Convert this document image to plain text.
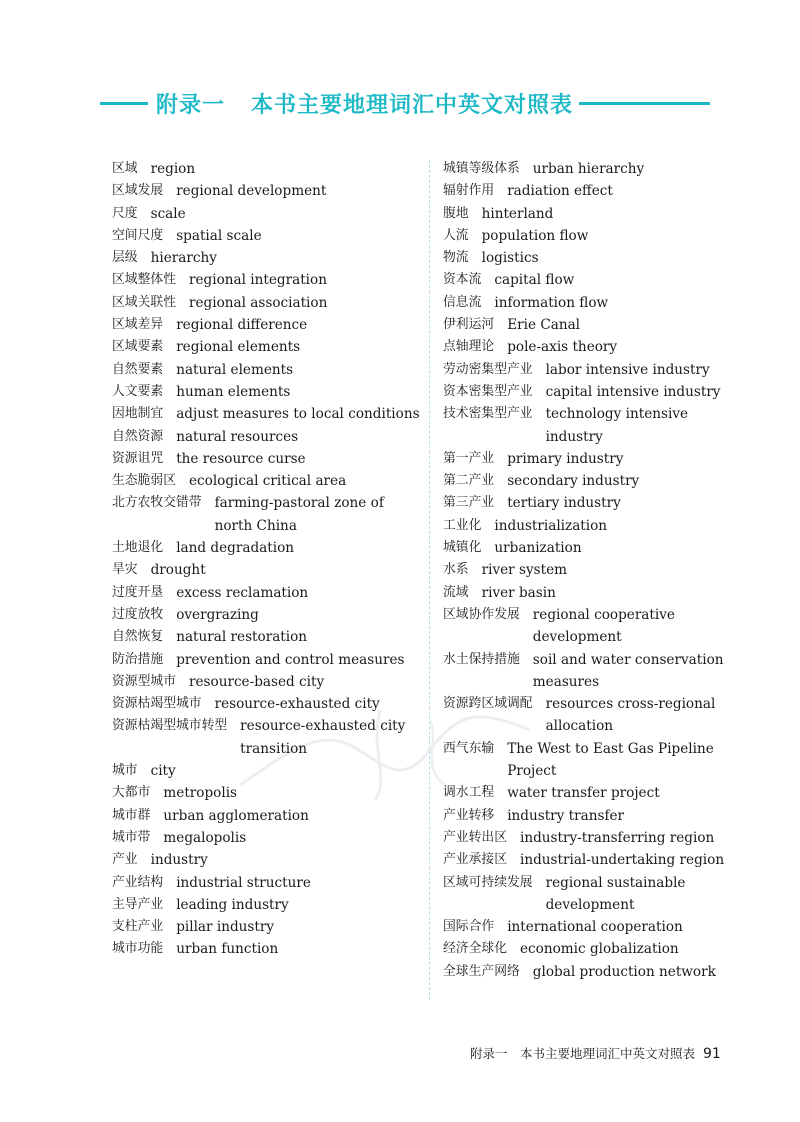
附录一 本书主要地理词汇中英文对照表
区域 region
区域发展 regional development
尺度 scale
空间尺度 spatial scale
层级 hierarchy
区域整体性 regional integration
区域关联性 regional association
区域差异 regional difference
区域要素 regional elements
自然要素 natural elements
人文要素 human elements
因地制宜 adjust measures to local conditions
自然资源 natural resources
资源诅咒 the resource curse
生态脆弱区 ecological critical area
北方农牧交错带 farming-pastoral zone of north China
土地退化 land degradation
旱灾 drought
过度开垦 excess reclamation
过度放牧 overgrazing
自然恢复 natural restoration
防治措施 prevention and control measures
资源型城市 resource-based city
资源枯竭型城市 resource-exhausted city
资源枯竭型城市转型 resource-exhausted city transition
城市 city
大都市 metropolis
城市群 urban agglomeration
城市带 megalopolis
产业 industry
产业结构 industrial structure
主导产业 leading industry
支柱产业 pillar industry
城市功能 urban function
城镇等级体系 urban hierarchy
辐射作用 radiation effect
腹地 hinterland
人流 population flow
物流 logistics
资本流 capital flow
信息流 information flow
伊利运河 Erie Canal
点轴理论 pole-axis theory
劳动密集型产业 labor intensive industry
资本密集型产业 capital intensive industry
技术密集型产业 technology intensive industry
第一产业 primary industry
第二产业 secondary industry
第三产业 tertiary industry
工业化 industrialization
城镇化 urbanization
水系 river system
流域 river basin
区域协作发展 regional cooperative development
水土保持措施 soil and water conservation measures
资源跨区域调配 resources cross-regional allocation
西气东输 The West to East Gas Pipeline Project
调水工程 water transfer project
产业转移 industry transfer
产业转出区 industry-transferring region
产业承接区 industrial-undertaking region
区域可持续发展 regional sustainable development
国际合作 international cooperation
经济全球化 economic globalization
全球生产网络 global production network
附录一　本书主要地理词汇中英文对照表 91
